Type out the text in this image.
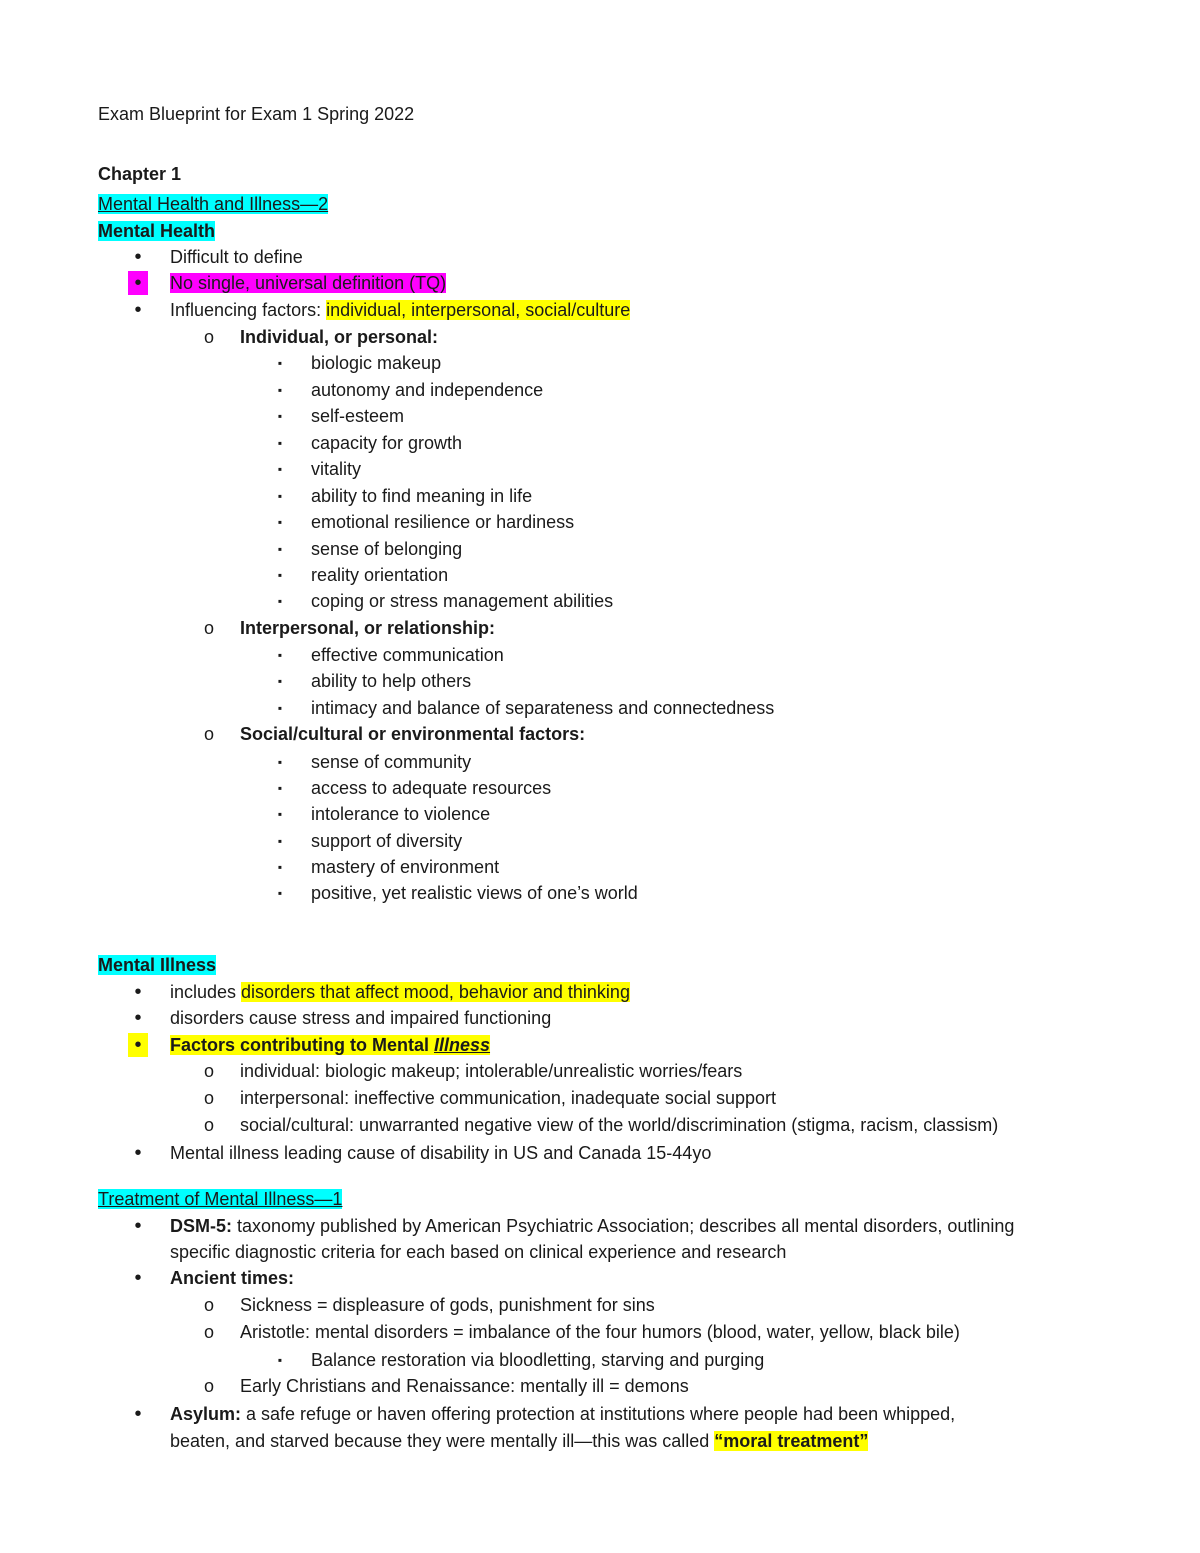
Exam Blueprint for Exam 1 Spring 2022
Chapter 1
Mental Health and Illness—2
Mental Health
•	Difficult to define
•	No single, universal definition (TQ)
•	Influencing factors: individual, interpersonal, social/culture
o Individual, or personal:
▪	biologic makeup
▪	autonomy and independence
▪	self-esteem
▪	capacity for growth
▪	vitality
▪	ability to find meaning in life
▪	emotional resilience or hardiness
▪	sense of belonging
▪	reality orientation
▪	coping or stress management abilities
o Interpersonal, or relationship:
▪	effective communication
▪	ability to help others
▪	intimacy and balance of separateness and connectedness
o Social/cultural or environmental factors:
▪	sense of community
▪	access to adequate resources
▪	intolerance to violence
▪	support of diversity
▪	mastery of environment
▪	positive, yet realistic views of one’s world
Mental Illness
•	includes disorders that affect mood, behavior and thinking
•	disorders cause stress and impaired functioning
•	Factors contributing to Mental Illness
o individual: biologic makeup; intolerable/unrealistic worries/fears
o interpersonal: ineffective communication, inadequate social support
o social/cultural: unwarranted negative view of the world/discrimination (stigma, racism, classism)
•	Mental illness leading cause of disability in US and Canada 15-44yo
Treatment of Mental Illness—1
•	DSM-5: taxonomy published by American Psychiatric Association; describes all mental disorders, outlining
specific diagnostic criteria for each based on clinical experience and research
•	Ancient times:
o Sickness = displeasure of gods, punishment for sins
o Aristotle: mental disorders = imbalance of the four humors (blood, water, yellow, black bile)
▪	Balance restoration via bloodletting, starving and purging
o Early Christians and Renaissance: mentally ill = demons
•	Asylum: a safe refuge or haven offering protection at institutions where people had been whipped,
beaten, and starved because they were mentally ill—this was called “moral treatment”
